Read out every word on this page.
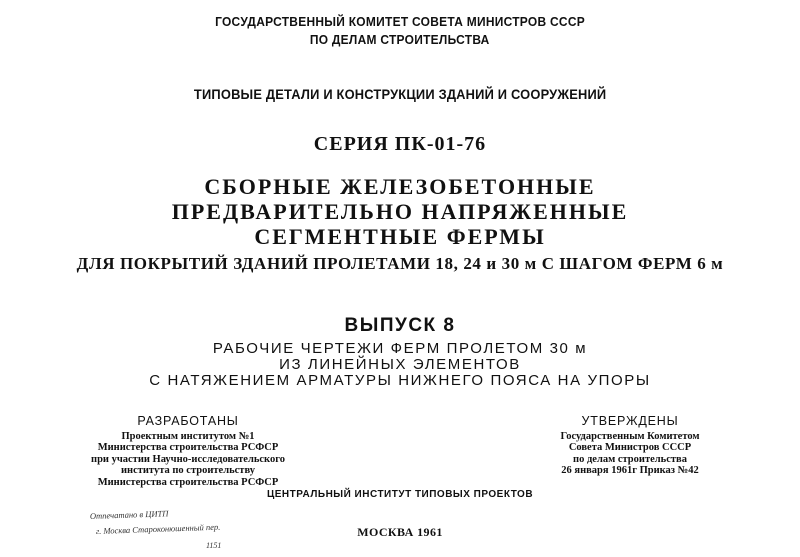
ГОСУДАРСТВЕННЫЙ КОМИТЕТ СОВЕТА МИНИСТРОВ СССР
ПО ДЕЛАМ СТРОИТЕЛЬСТВА
ТИПОВЫЕ ДЕТАЛИ И КОНСТРУКЦИИ ЗДАНИЙ И СООРУЖЕНИЙ
СЕРИЯ ПК-01-76
СБОРНЫЕ ЖЕЛЕЗОБЕТОННЫЕ
ПРЕДВАРИТЕЛЬНО НАПРЯЖЕННЫЕ
СЕГМЕНТНЫЕ ФЕРМЫ
ДЛЯ ПОКРЫТИЙ ЗДАНИЙ ПРОЛЕТАМИ 18, 24 и 30 м С ШАГОМ ФЕРМ 6 м
ВЫПУСК 8
РАБОЧИЕ ЧЕРТЕЖИ ФЕРМ ПРОЛЕТОМ 30 м
ИЗ ЛИНЕЙНЫХ ЭЛЕМЕНТОВ
С НАТЯЖЕНИЕМ АРМАТУРЫ НИЖНЕГО ПОЯСА НА УПОРЫ
РАЗРАБОТАНЫ
Проектным институтом №1
Министерства строительства РСФСР
при участии Научно-исследовательского
института по строительству
Министерства строительства РСФСР
УТВЕРЖДЕНЫ
Государственным Комитетом
Совета Министров СССР
по делам строительства
26 января 1961г Приказ №42
ЦЕНТРАЛЬНЫЙ ИНСТИТУТ ТИПОВЫХ ПРОЕКТОВ
МОСКВА 1961
Отпечатано в ЦИТП
г. Москва Староконюшенный пер.
1151
